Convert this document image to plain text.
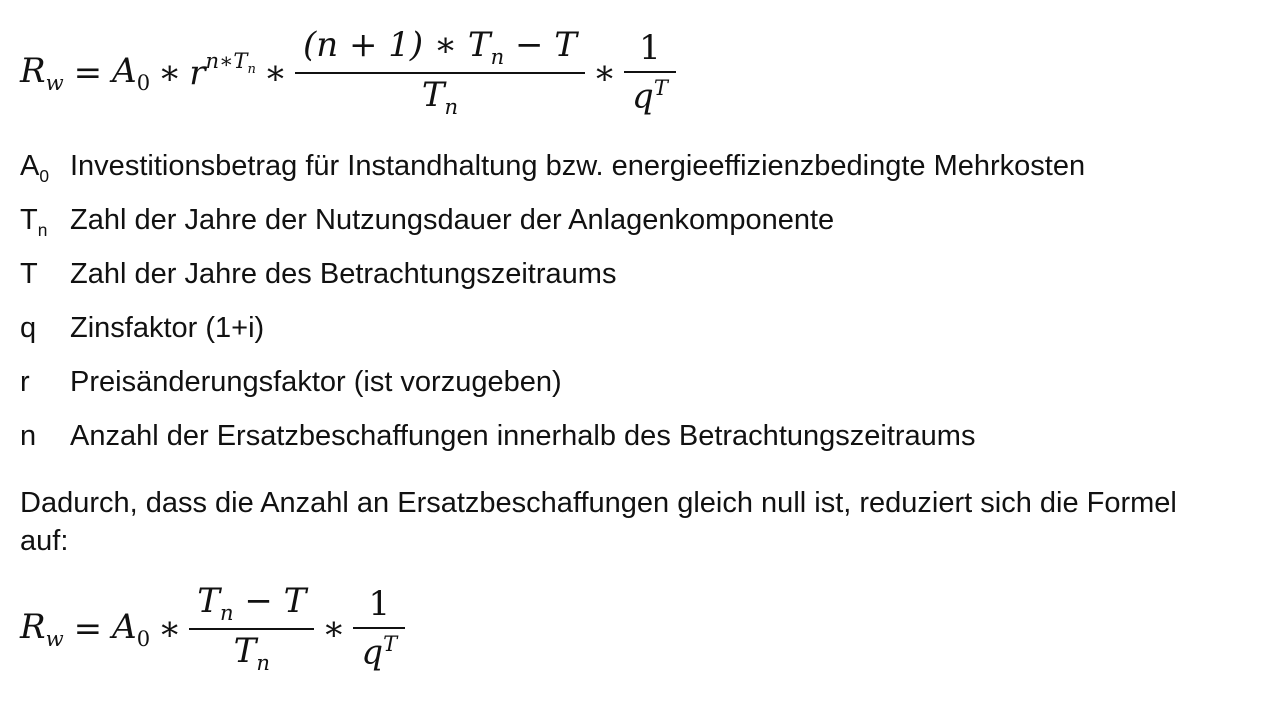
$R_w = A_0$ ∗ $r^{n∗T_n}$ ∗ $\frac{(n + 1) ∗ T_n - T}{T_n}$ ∗ $\frac{1}{q^T}$
$A_0$ Investitionsbetrag für Instandhaltung bzw. energieeffizienzbedingte Mehrkosten
$T_n$ Zahl der Jahre der Nutzungsdauer der Anlagenkomponente
T	Zahl der Jahre des Betrachtungszeitraums
q	Zinsfaktor (1+i)
r	Preisänderungsfaktor (ist vorzugeben)
n	Anzahl der Ersatzbeschaffungen innerhalb des Betrachtungszeitraums
Dadurch, dass die Anzahl an Ersatzbeschaffungen gleich null ist, reduziert sich die Formel auf:
$R_w = A_0$ ∗ $\frac{T_n - T}{T_n}$ ∗ $\frac{1}{q^T}$
